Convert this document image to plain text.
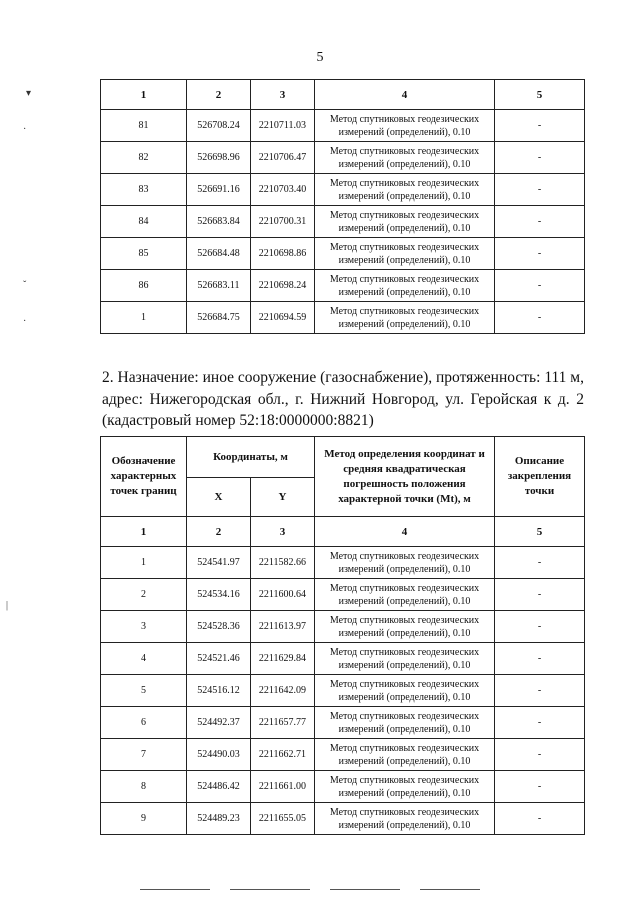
5
▾
·
ˇ
·
|
1	2	3	4	5
81	526708.24	2210711.03	Метод спутниковых геодезических измерений (определений), 0.10	-
82	526698.96	2210706.47	Метод спутниковых геодезических измерений (определений), 0.10	-
83	526691.16	2210703.40	Метод спутниковых геодезических измерений (определений), 0.10	-
84	526683.84	2210700.31	Метод спутниковых геодезических измерений (определений), 0.10	-
85	526684.48	2210698.86	Метод спутниковых геодезических измерений (определений), 0.10	-
86	526683.11	2210698.24	Метод спутниковых геодезических измерений (определений), 0.10	-
1	526684.75	2210694.59	Метод спутниковых геодезических измерений (определений), 0.10	-

2. Назначение: иное сооружение (газоснабжение), протяженность: 111 м, адрес: Нижегородская обл., г. Нижний Новгород, ул. Геройская к д. 2 (кадастровый номер 52:18:0000000:8821)

Обозначение характерных точек границ	Координаты, м		Метод определения координат и средняя квадратическая погрешность положения характерной точки (Mt), м	Описание закрепления точки
	X	Y		
1	2	3	4	5
1	524541.97	2211582.66	Метод спутниковых геодезических измерений (определений), 0.10	-
2	524534.16	2211600.64	Метод спутниковых геодезических измерений (определений), 0.10	-
3	524528.36	2211613.97	Метод спутниковых геодезических измерений (определений), 0.10	-
4	524521.46	2211629.84	Метод спутниковых геодезических измерений (определений), 0.10	-
5	524516.12	2211642.09	Метод спутниковых геодезических измерений (определений), 0.10	-
6	524492.37	2211657.77	Метод спутниковых геодезических измерений (определений), 0.10	-
7	524490.03	2211662.71	Метод спутниковых геодезических измерений (определений), 0.10	-
8	524486.42	2211661.00	Метод спутниковых геодезических измерений (определений), 0.10	-
9	524489.23	2211655.05	Метод спутниковых геодезических измерений (определений), 0.10	-
